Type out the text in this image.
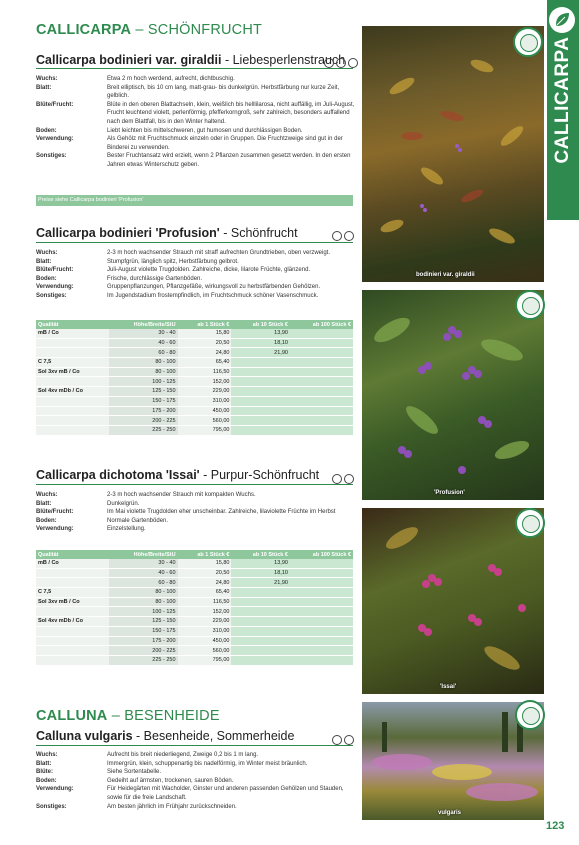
CALLICARPA
CALLICARPA – SCHÖNFRUCHT
Callicarpa bodinieri var. giraldii - Liebesperlenstrauch
Wuchs:	Etwa 2 m hoch werdend, aufrecht, dichtbuschig.
Blatt:	Breit elliptisch, bis 10 cm lang, matt-grau- bis dunkelgrün. Herbstfärbung nur kurze Zeit, gelblich.
Blüte/Frucht:	Blüte in den oberen Blattachseln, klein, weißlich bis helllilarosa, nicht auffällig, im Juli-August, Frucht leuchtend violett, perlenförmig, pfefferkorngroß, sehr zahlreich, besonders auffallend nach dem Blattfall, bis in den Winter haltend.
Boden:	Liebt leichten bis mittelschweren, gut humosen und durchlässigen Boden.
Verwendung:	Als Gehölz mit Fruchtschmuck einzeln oder in Gruppen. Die Fruchtzweige sind gut in der Binderei zu verwenden.
Sonstiges:	Bester Fruchtansatz wird erzielt, wenn 2 Pflanzen zusammen gesetzt werden. In den ersten Jahren etwas Winterschutz geben.
Preise siehe Callicarpa bodinieri 'Profusion'
Callicarpa bodinieri 'Profusion' - Schönfrucht
Wuchs:	2-3 m hoch wachsender Strauch mit straff aufrechten Grundtrieben, oben verzweigt.
Blatt:	Stumpfgrün, länglich spitz, Herbstfärbung gelbrot.
Blüte/Frucht:	Juli-August violette Trugdolden. Zahlreiche, dicke, lilarote Früchte, glänzend.
Boden:	Frische, durchlässige Gartenböden.
Verwendung:	Gruppenpflanzungen, Pflanzgefäße, wirkungsvoll zu herbstfärbenden Gehölzen.
Sonstiges:	Im Jugendstadium frostempfindlich, im Fruchtschmuck schöner Vasenschmuck.
Qualität	Höhe/Breite/StU	ab 1 Stück €	ab 10 Stück €	ab 100 Stück €
mB / Co	30 - 40	15,80	13,90	
	40 - 60	20,50	18,10	
	60 - 80	24,80	21,90	
C 7,5	80 - 100	65,40		
Sol 3xv mB / Co	80 - 100	116,50		
	100 - 125	152,00		
Sol 4xv mDb / Co	125 - 150	229,00		
	150 - 175	310,00		
	175 - 200	450,00		
	200 - 225	560,00		
	225 - 250	795,00		
Callicarpa dichotoma 'Issai' - Purpur-Schönfrucht
Wuchs:	2-3 m hoch wachsender Strauch mit kompakten Wuchs.
Blatt:	Dunkelgrün.
Blüte/Frucht:	Im Mai violette Trugdolden eher unscheinbar. Zahlreiche, lilaviolette Früchte im Herbst
Boden:	Normale Gartenböden.
Verwendung:	Einzelstellung.
Qualität	Höhe/Breite/StU	ab 1 Stück €	ab 10 Stück €	ab 100 Stück €
mB / Co	30 - 40	15,80	13,90	
	40 - 60	20,50	18,10	
	60 - 80	24,80	21,90	
C 7,5	80 - 100	65,40		
Sol 3xv mB / Co	80 - 100	116,50		
	100 - 125	152,00		
Sol 4xv mDb / Co	125 - 150	229,00		
	150 - 175	310,00		
	175 - 200	450,00		
	200 - 225	560,00		
	225 - 250	795,00		
CALLUNA – BESENHEIDE
Calluna vulgaris - Besenheide, Sommerheide
Wuchs:	Aufrecht bis breit niederliegend, Zweige 0,2 bis 1 m lang.
Blatt:	Immergrün, klein, schuppenartig bis nadelförmig, im Winter meist bräunlich.
Blüte:	Siehe Sortentabelle.
Boden:	Gedeiht auf ärmsten, trockenen, sauren Böden.
Verwendung:	Für Heidegärten mit Wacholder, Ginster und anderen passenden Gehölzen und Stauden, sowie für die freie Landschaft.
Sonstiges:	Am besten jährlich im Frühjahr zurückschneiden.
bodinieri var. giraldii
'Profusion'
'Issai'
vulgaris
123
